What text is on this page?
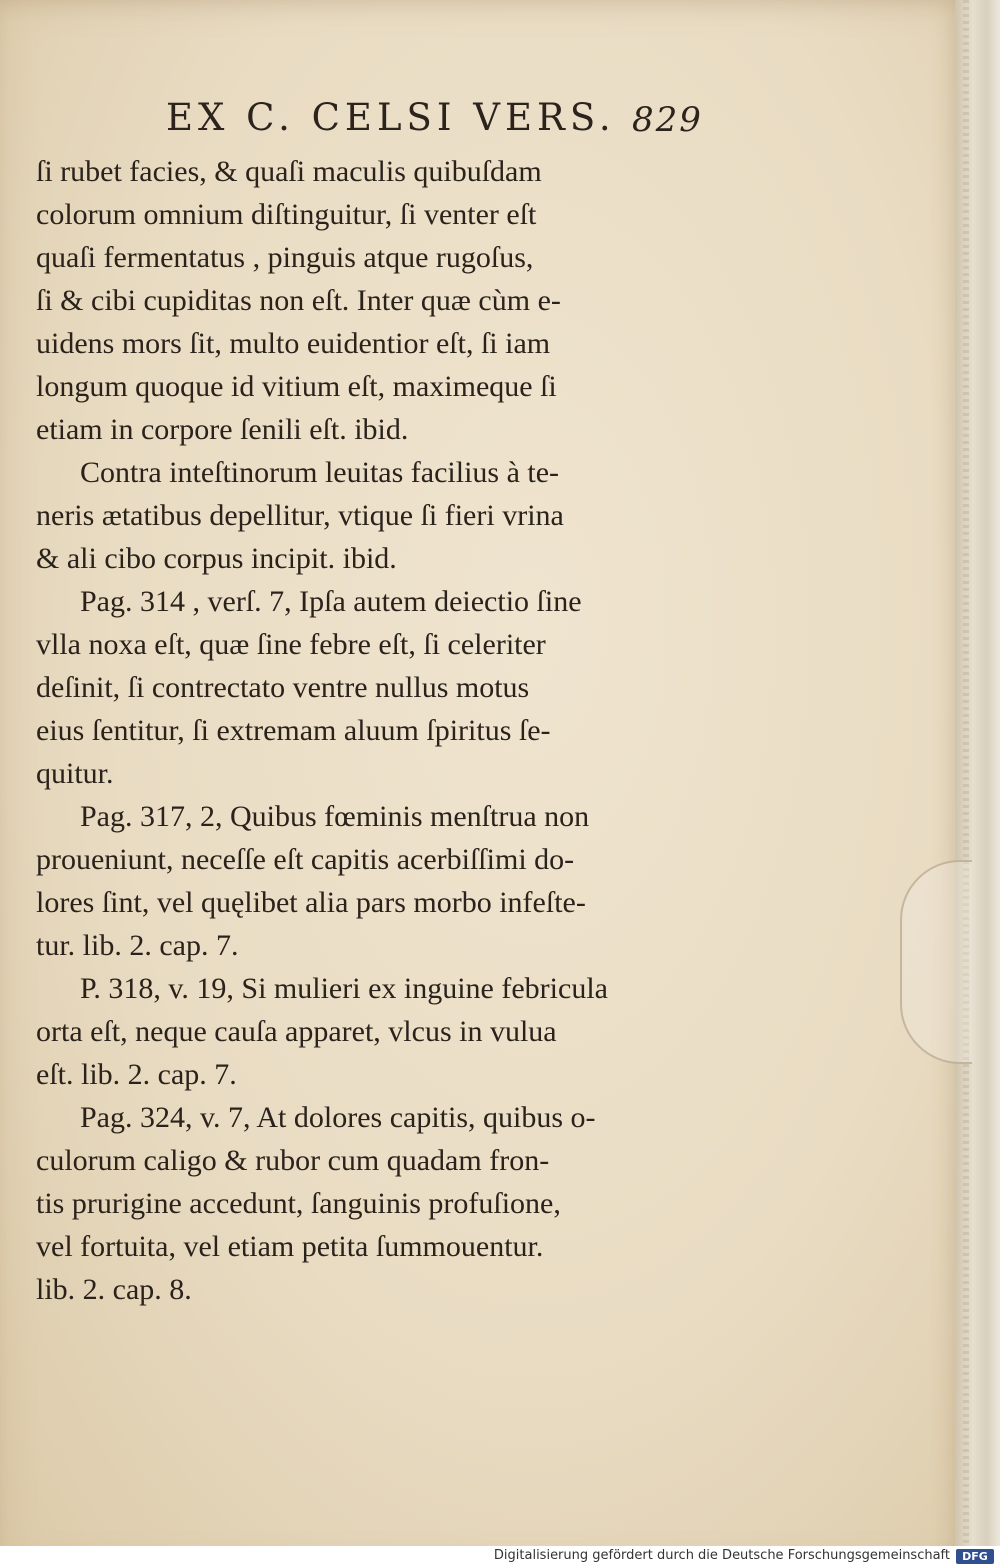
EX C. CELSI VERS. 829
ſi rubet facies, & quaſi maculis quibuſdam
colorum omnium diſtinguitur, ſi venter eſt
quaſi fermentatus , pinguis atque rugoſus,
ſi & cibi cupiditas non eſt. Inter quæ cùm e-
uidens mors ſit, multo euidentior eſt, ſi iam
longum quoque id vitium eſt, maximeque ſi
etiam in corpore ſenili eſt. ibid.
Contra inteſtinorum leuitas facilius à te-
neris ætatibus depellitur, vtique ſi fieri vrina
& ali cibo corpus incipit. ibid.
Pag. 314 , verſ. 7, Ipſa autem deiectio ſine
vlla noxa eſt, quæ ſine febre eſt, ſi celeriter
deſinit, ſi contrectato ventre nullus motus
eius ſentitur, ſi extremam aluum ſpiritus ſe-
quitur.
Pag. 317, 2, Quibus fœminis menſtrua non
proueniunt, neceſſe eſt capitis acerbiſſimi do-
lores ſint, vel quęlibet alia pars morbo infeſte-
tur. lib. 2. cap. 7.
P. 318, v. 19, Si mulieri ex inguine febricula
orta eſt, neque cauſa apparet, vlcus in vulua
eſt. lib. 2. cap. 7.
Pag. 324, v. 7, At dolores capitis, quibus o-
culorum caligo & rubor cum quadam fron-
tis prurigine accedunt, ſanguinis profuſione,
vel fortuita, vel etiam petita ſummouentur.
lib. 2. cap. 8.
Digitalisierung gefördert durch die Deutsche Forschungsgemeinschaft	DFG
